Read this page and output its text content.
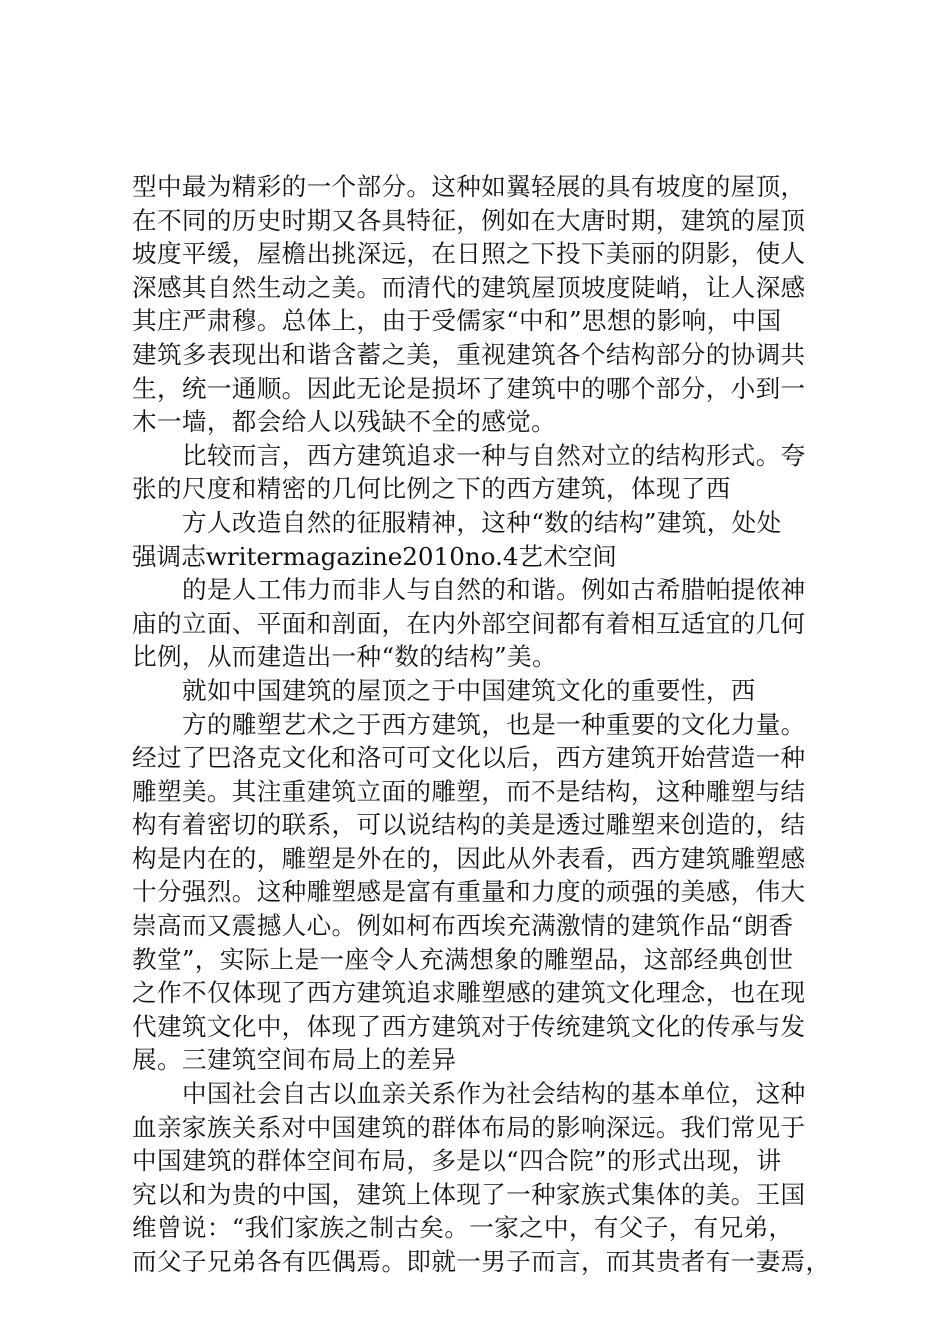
型中最为精彩的一个部分。这种如翼轻展的具有坡度的屋顶，
在不同的历史时期又各具特征，例如在大唐时期，建筑的屋顶
坡度平缓，屋檐出挑深远，在日照之下投下美丽的阴影，使人
深感其自然生动之美。而清代的建筑屋顶坡度陡峭，让人深感
其庄严肃穆。总体上，由于受儒家“中和”思想的影响，中国
建筑多表现出和谐含蓄之美，重视建筑各个结构部分的协调共
生，统一通顺。因此无论是损坏了建筑中的哪个部分，小到一
木一墙，都会给人以残缺不全的感觉。
比较而言，西方建筑追求一种与自然对立的结构形式。夸
张的尺度和精密的几何比例之下的西方建筑，体现了西
方人改造自然的征服精神，这种“数的结构”建筑，处处
强调志writermagazine2010no.4艺术空间
的是人工伟力而非人与自然的和谐。例如古希腊帕提侬神
庙的立面、平面和剖面，在内外部空间都有着相互适宜的几何
比例，从而建造出一种“数的结构”美。
就如中国建筑的屋顶之于中国建筑文化的重要性，西
方的雕塑艺术之于西方建筑，也是一种重要的文化力量。
经过了巴洛克文化和洛可可文化以后，西方建筑开始营造一种
雕塑美。其注重建筑立面的雕塑，而不是结构，这种雕塑与结
构有着密切的联系，可以说结构的美是透过雕塑来创造的，结
构是内在的，雕塑是外在的，因此从外表看，西方建筑雕塑感
十分强烈。这种雕塑感是富有重量和力度的顽强的美感，伟大
崇高而又震撼人心。例如柯布西埃充满激情的建筑作品“朗香
教堂”，实际上是一座令人充满想象的雕塑品，这部经典创世
之作不仅体现了西方建筑追求雕塑感的建筑文化理念，也在现
代建筑文化中，体现了西方建筑对于传统建筑文化的传承与发
展。三建筑空间布局上的差异
中国社会自古以血亲关系作为社会结构的基本单位，这种
血亲家族关系对中国建筑的群体布局的影响深远。我们常见于
中国建筑的群体空间布局，多是以“四合院”的形式出现，讲
究以和为贵的中国，建筑上体现了一种家族式集体的美。王国
维曾说：“我们家族之制古矣。一家之中，有父子，有兄弟，
而父子兄弟各有匹偶焉。即就一男子而言，而其贵者有一妻焉，
